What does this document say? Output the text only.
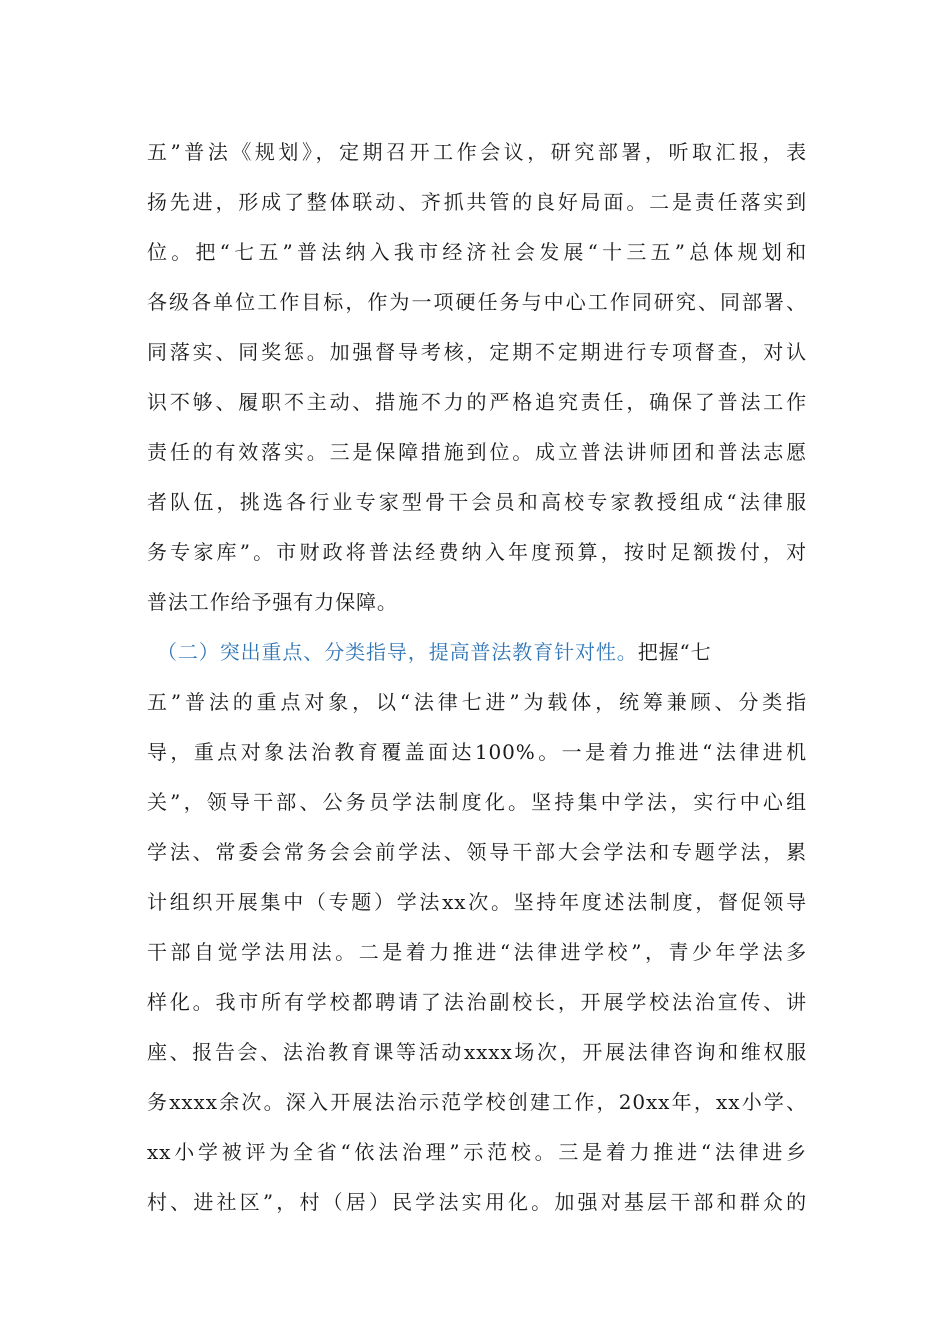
五”普法《规划》，定期召开工作会议，研究部署，听取汇报，表
扬先进，形成了整体联动、齐抓共管的良好局面。二是责任落实到
位。把“七五”普法纳入我市经济社会发展“十三五”总体规划和
各级各单位工作目标，作为一项硬任务与中心工作同研究、同部署、
同落实、同奖惩。加强督导考核，定期不定期进行专项督查，对认
识不够、履职不主动、措施不力的严格追究责任，确保了普法工作
责任的有效落实。三是保障措施到位。成立普法讲师团和普法志愿
者队伍，挑选各行业专家型骨干会员和高校专家教授组成“法律服
务专家库”。市财政将普法经费纳入年度预算，按时足额拨付，对
普法工作给予强有力保障。
（二）突出重点、分类指导，提高普法教育针对性。把握“七
五”普法的重点对象，以“法律七进”为载体，统筹兼顾、分类指
导，重点对象法治教育覆盖面达100%。一是着力推进“法律进机
关”，领导干部、公务员学法制度化。坚持集中学法，实行中心组
学法、常委会常务会会前学法、领导干部大会学法和专题学法，累
计组织开展集中（专题）学法xx次。坚持年度述法制度，督促领导
干部自觉学法用法。二是着力推进“法律进学校”，青少年学法多
样化。我市所有学校都聘请了法治副校长，开展学校法治宣传、讲
座、报告会、法治教育课等活动xxxx场次，开展法律咨询和维权服
务xxxx余次。深入开展法治示范学校创建工作，20xx年，xx小学、
xx小学被评为全省“依法治理”示范校。三是着力推进“法律进乡
村、进社区”，村（居）民学法实用化。加强对基层干部和群众的
